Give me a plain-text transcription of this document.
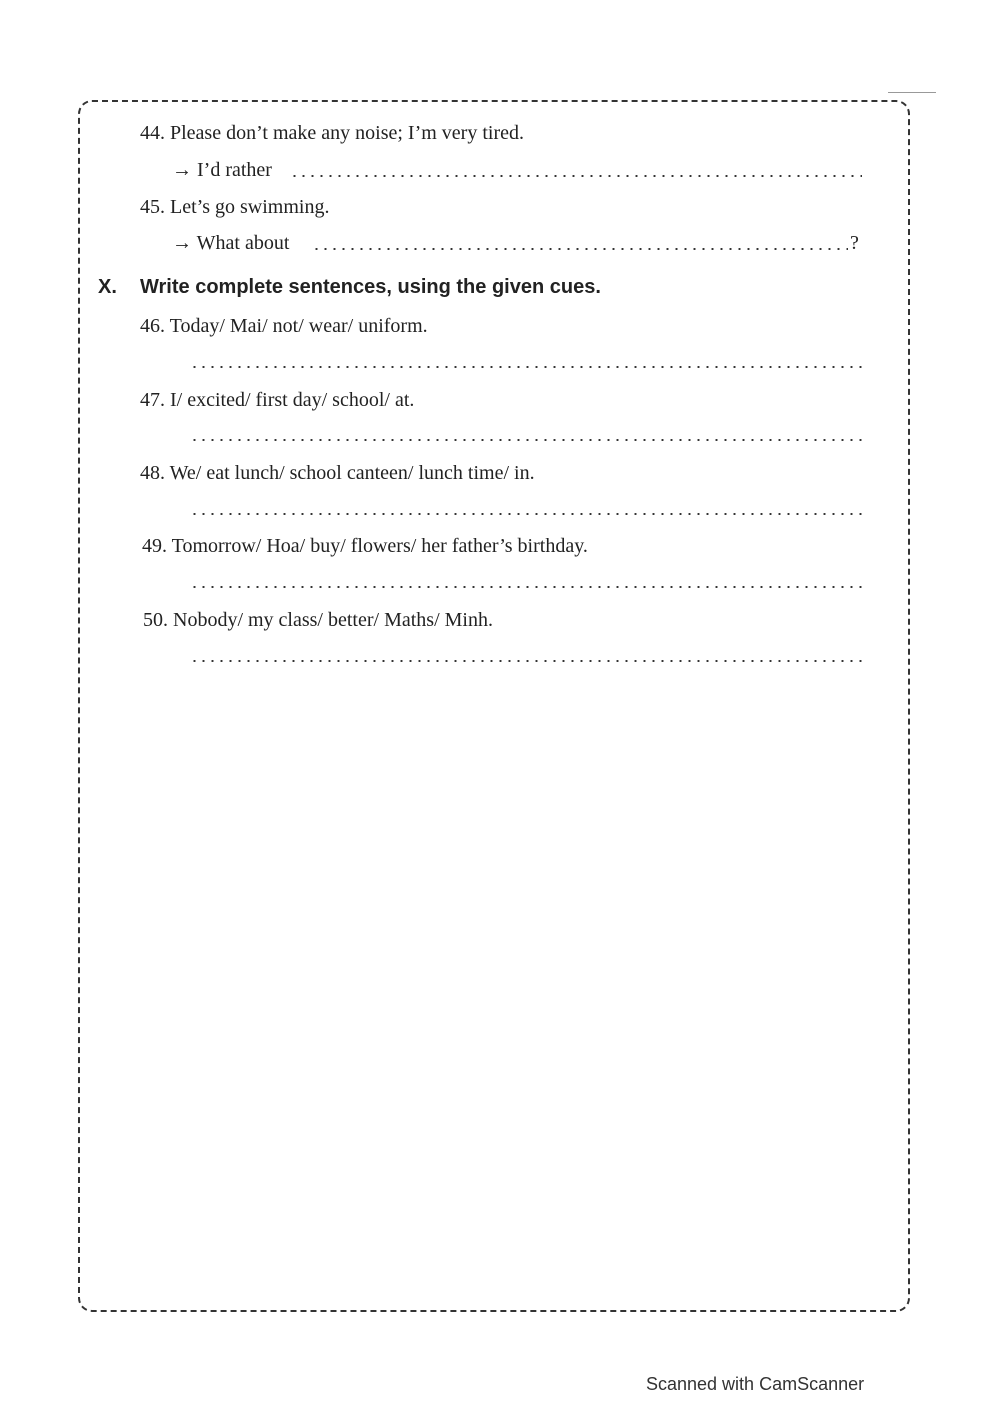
44. Please don’t make any noise; I’m very tired.
→ I’d rather
45. Let’s go swimming.
→ What about	?
X. Write complete sentences, using the given cues.
46. Today/ Mai/ not/ wear/ uniform.
47. I/ excited/ first day/ school/ at.
48. We/ eat lunch/ school canteen/ lunch time/ in.
49. Tomorrow/ Hoa/ buy/ flowers/ her father’s birthday.
50. Nobody/ my class/ better/ Maths/ Minh.
Scanned with CamScanner
